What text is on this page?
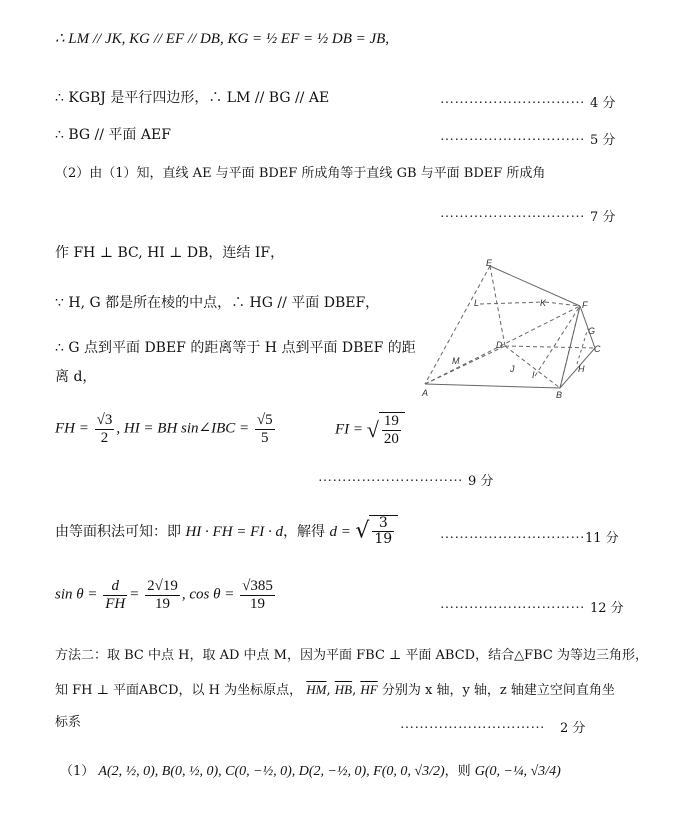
∴ LM // JK, KG // EF // DB, KG = ½ EF = ½ DB = JB,
∴ KGBJ 是平行四边形，∴ LM // BG // AE	………………………… 4 分
∴ BG // 平面 AEF	………………………… 5 分
（2）由（1）知，直线 AE 与平面 BDEF 所成角等于直线 GB 与平面 BDEF 所成角
………………………… 7 分
作 FH ⊥ BC, HI ⊥ DB，连结 IF，
∵ H, G 都是所在棱的中点，∴ HG // 平面 DBEF，
∴ G 点到平面 DBEF 的距离等于 H 点到平面 DBEF 的距
离 d，
E
L	K	F
G
C
D
M
J
I
H
A	B
FH = $\frac{√3}{2}$ , HI = BH sin∠IBC = $\frac{√5}{5}$	FI = √ $\frac{19}{20}$
………………………… 9 分
由等面积法可知：即 HI · FH = FI · d，解得 d = √ $\frac{3}{19}$	………………………… 11 分
$\sin \theta = \frac{d}{FH} = \frac{2√19}{19}$ , $\cos \theta = \frac{√385}{19}$	………………………… 12 分
方法二：取 BC 中点 H，取 AD 中点 M，因为平面 FBC ⊥ 平面 ABCD，结合△FBC 为等边三角形，
知 FH ⊥ 平面ABCD，以 H 为坐标原点， $\overline{HM}$, $\overline{HB}$, $\overline{HF}$ 分别为 x 轴，y 轴，z 轴建立空间直角坐
标系	………………………… 2 分
（1） A(2, ½, 0), B(0, ½, 0), C(0, −½, 0), D(2, −½, 0), F(0, 0, √3/2)，则 G(0, −¼, √3/4)
